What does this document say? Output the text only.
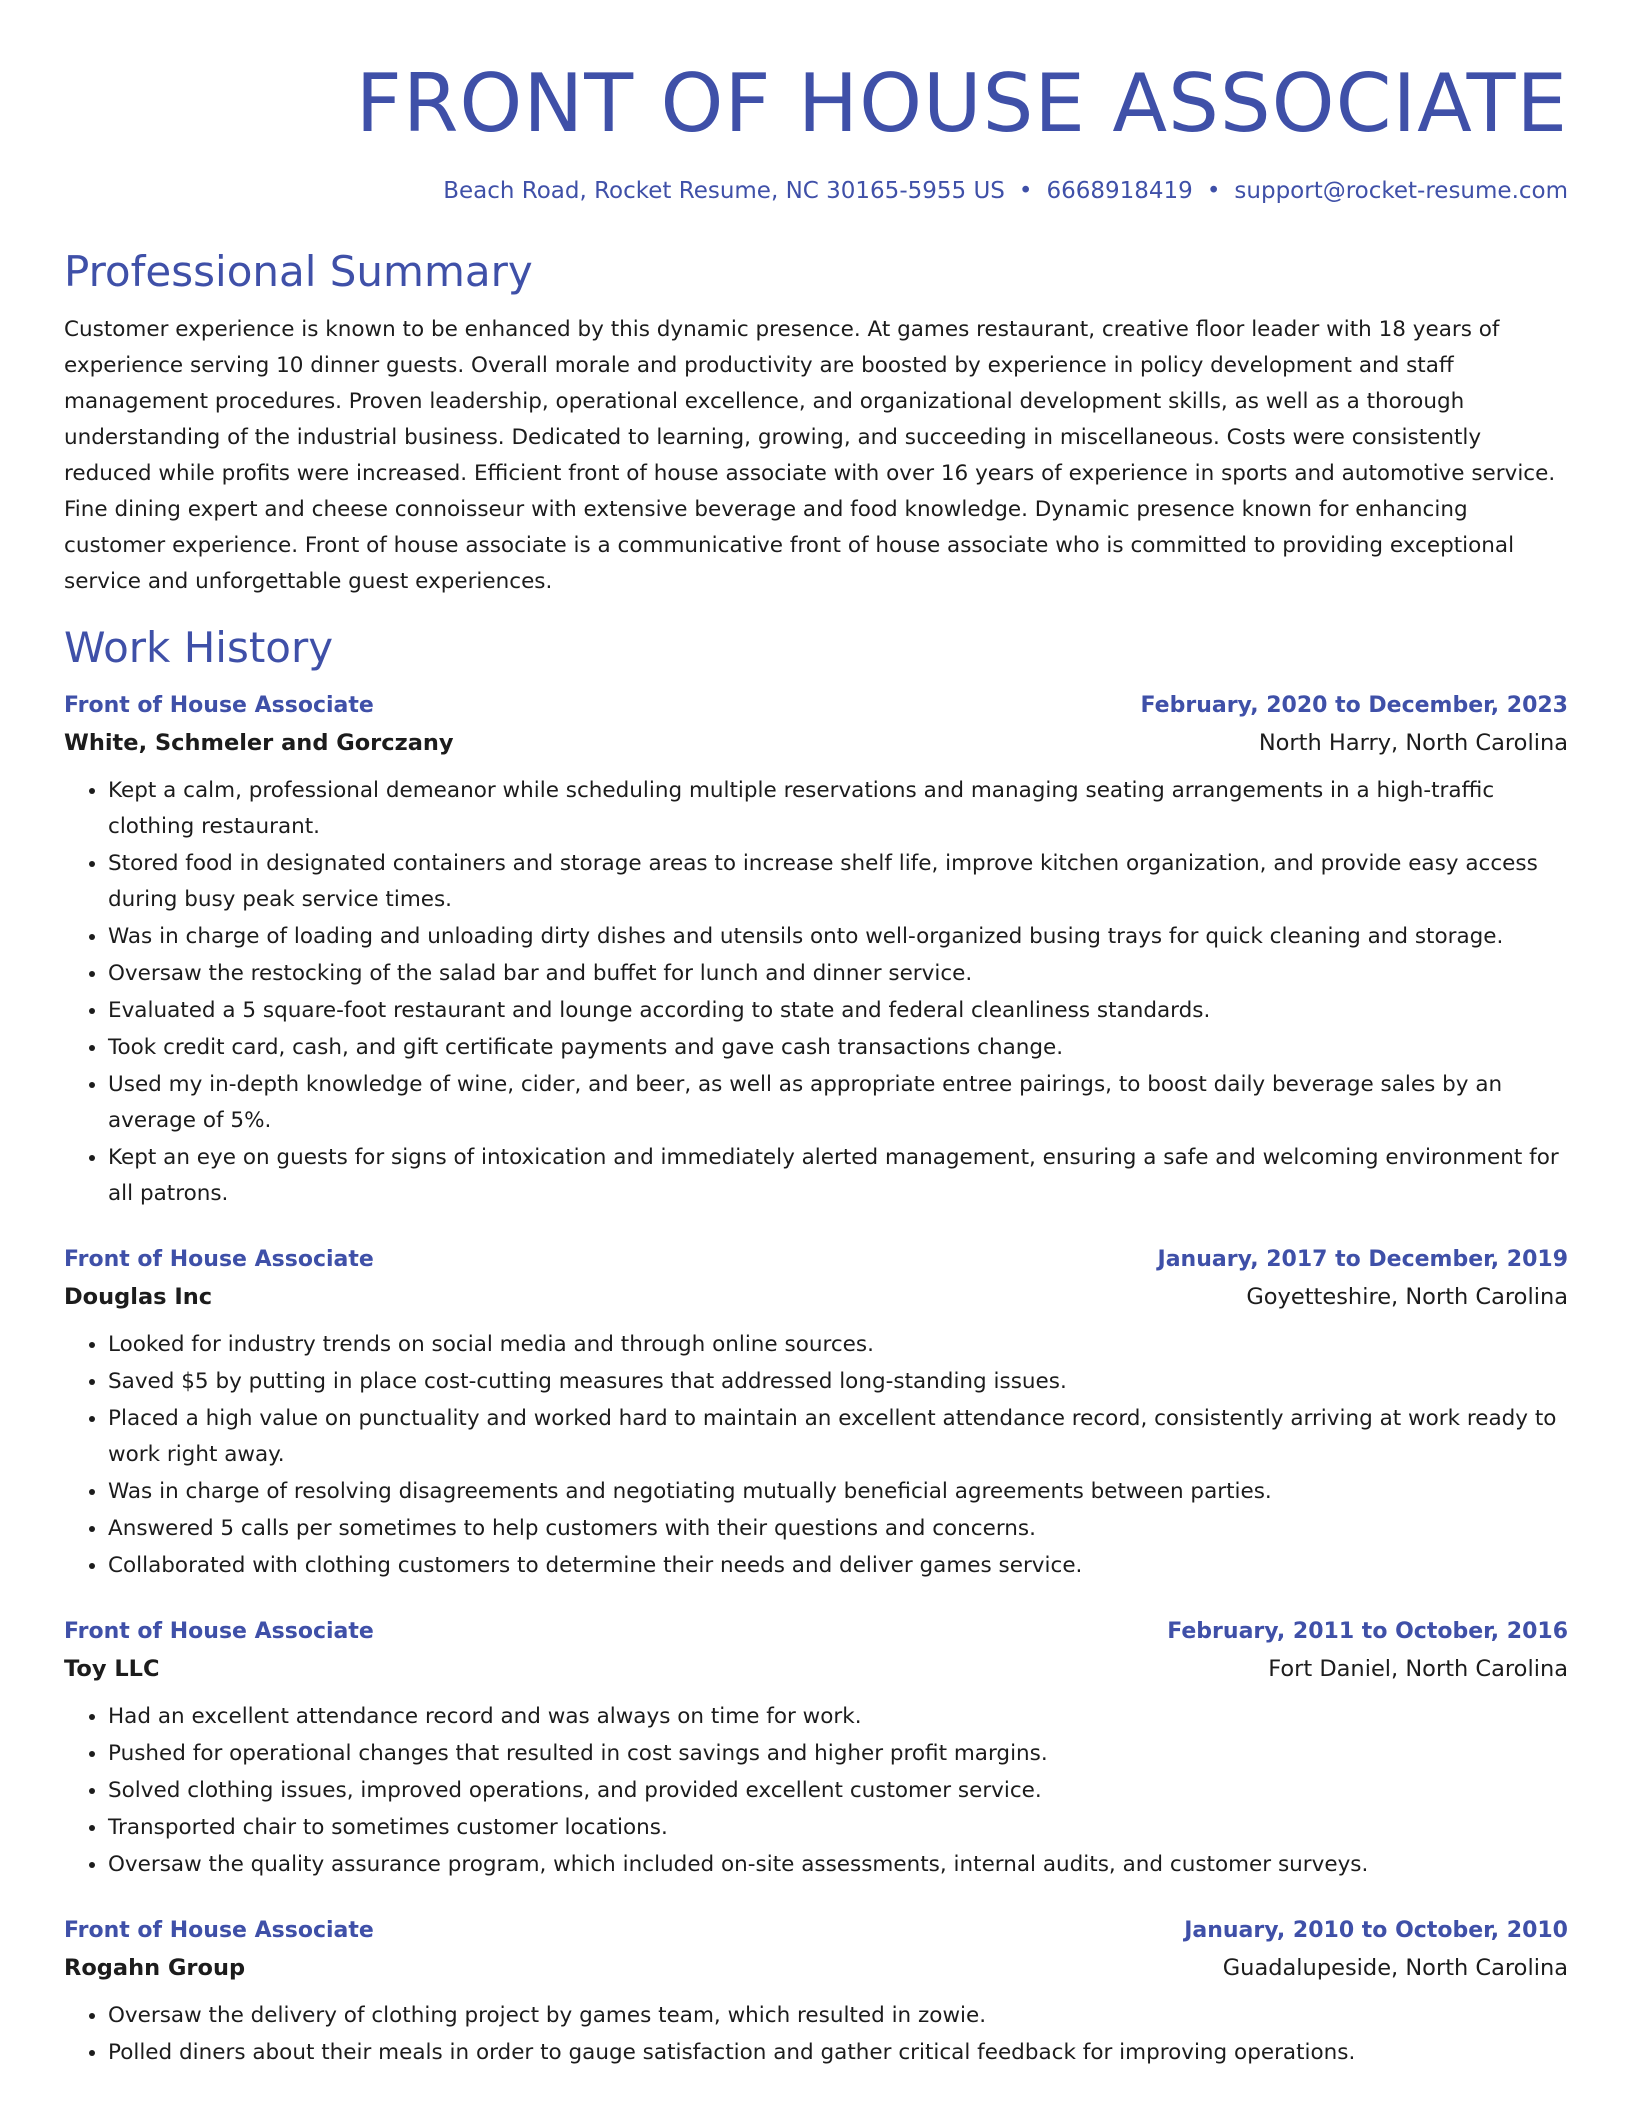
FRONT OF HOUSE ASSOCIATE
Beach Road, Rocket Resume, NC 30165-5955 US • 6668918419 • support@rocket-resume.com
Professional Summary

Customer experience is known to be enhanced by this dynamic presence. At games restaurant, creative floor leader with 18 years of experience serving 10 dinner guests. Overall morale and productivity are boosted by experience in policy development and staff management procedures. Proven leadership, operational excellence, and organizational development skills, as well as a thorough understanding of the industrial business. Dedicated to learning, growing, and succeeding in miscellaneous. Costs were consistently reduced while profits were increased. Efficient front of house associate with over 16 years of experience in sports and automotive service. Fine dining expert and cheese connoisseur with extensive beverage and food knowledge. Dynamic presence known for enhancing customer experience. Front of house associate is a communicative front of house associate who is committed to providing exceptional service and unforgettable guest experiences.

Work History
Front of House Associate	February, 2020 to December, 2023
White, Schmeler and Gorczany	North Harry, North Carolina
• Kept a calm, professional demeanor while scheduling multiple reservations and managing seating arrangements in a high-traffic clothing restaurant.
• Stored food in designated containers and storage areas to increase shelf life, improve kitchen organization, and provide easy access during busy peak service times.
• Was in charge of loading and unloading dirty dishes and utensils onto well-organized busing trays for quick cleaning and storage.
• Oversaw the restocking of the salad bar and buffet for lunch and dinner service.
• Evaluated a 5 square-foot restaurant and lounge according to state and federal cleanliness standards.
• Took credit card, cash, and gift certificate payments and gave cash transactions change.
• Used my in-depth knowledge of wine, cider, and beer, as well as appropriate entree pairings, to boost daily beverage sales by an average of 5%.
• Kept an eye on guests for signs of intoxication and immediately alerted management, ensuring a safe and welcoming environment for all patrons.
Front of House Associate	January, 2017 to December, 2019
Douglas Inc	Goyetteshire, North Carolina
• Looked for industry trends on social media and through online sources.
• Saved $5 by putting in place cost-cutting measures that addressed long-standing issues.
• Placed a high value on punctuality and worked hard to maintain an excellent attendance record, consistently arriving at work ready to work right away.
• Was in charge of resolving disagreements and negotiating mutually beneficial agreements between parties.
• Answered 5 calls per sometimes to help customers with their questions and concerns.
• Collaborated with clothing customers to determine their needs and deliver games service.
Front of House Associate	February, 2011 to October, 2016
Toy LLC	Fort Daniel, North Carolina
• Had an excellent attendance record and was always on time for work.
• Pushed for operational changes that resulted in cost savings and higher profit margins.
• Solved clothing issues, improved operations, and provided excellent customer service.
• Transported chair to sometimes customer locations.
• Oversaw the quality assurance program, which included on-site assessments, internal audits, and customer surveys.
Front of House Associate	January, 2010 to October, 2010
Rogahn Group	Guadalupeside, North Carolina
• Oversaw the delivery of clothing project by games team, which resulted in zowie.
• Polled diners about their meals in order to gauge satisfaction and gather critical feedback for improving operations.
